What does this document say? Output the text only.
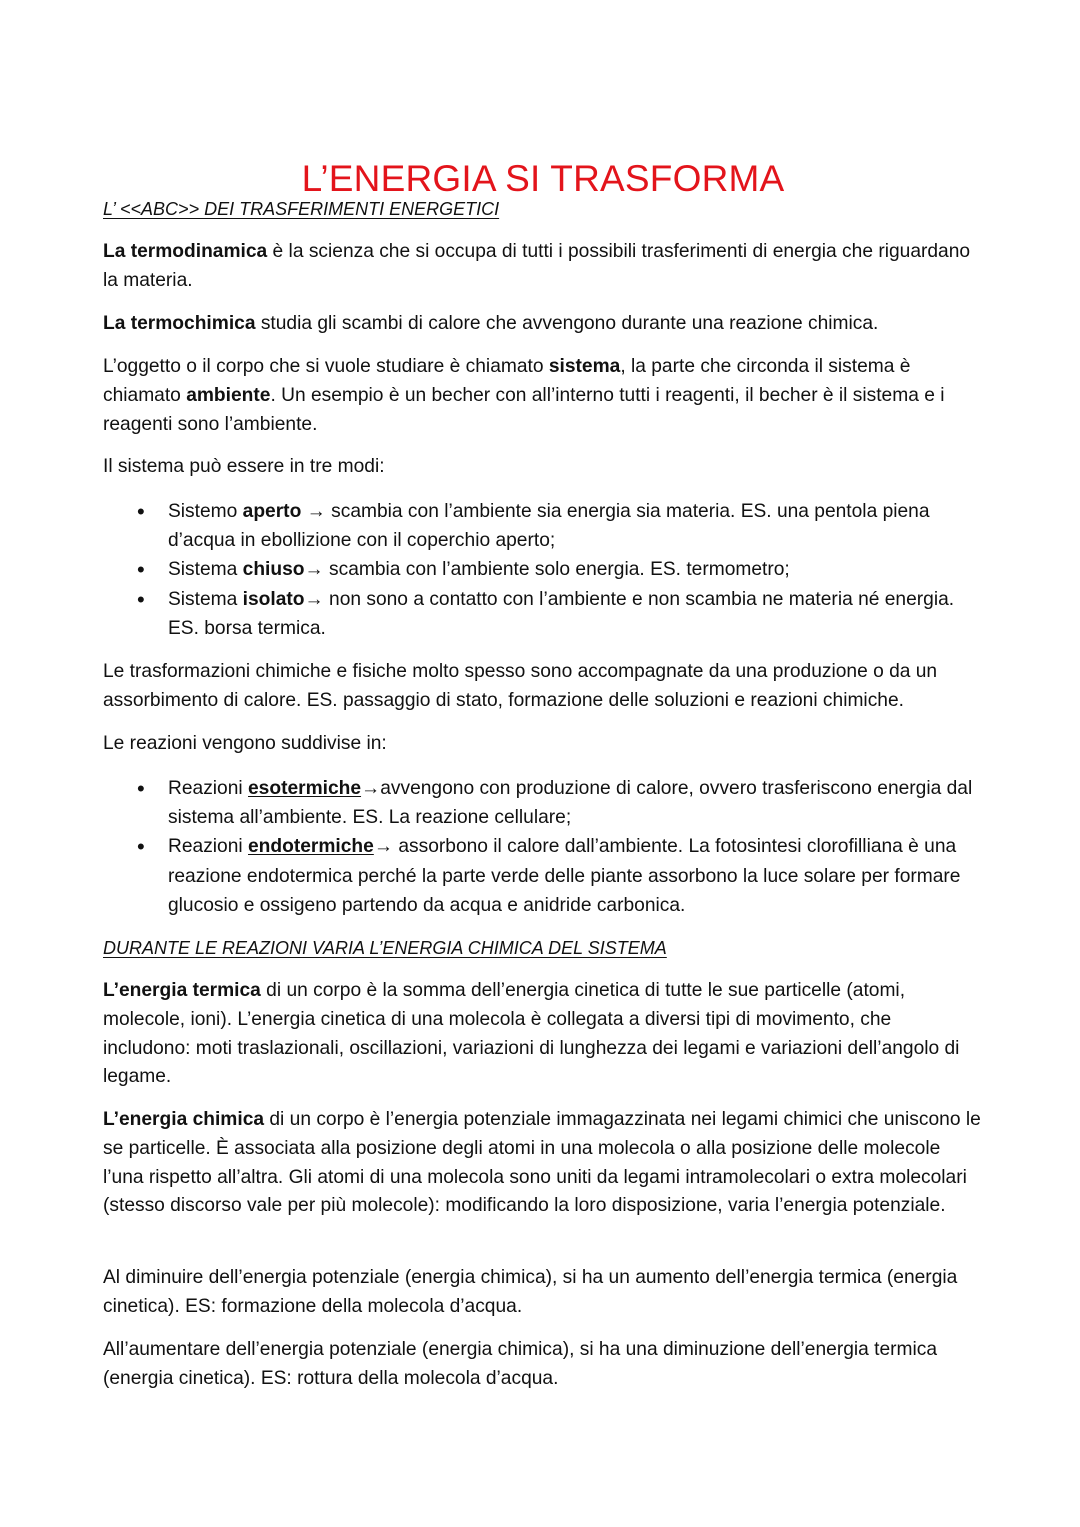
L’ENERGIA SI TRASFORMA
L’ <<ABC>> DEI TRASFERIMENTI ENERGETICI

La termodinamica è la scienza che si occupa di tutti i possibili trasferimenti di energia che riguardano la materia.

La termochimica studia gli scambi di calore che avvengono durante una reazione chimica.

L’oggetto o il corpo che si vuole studiare è chiamato sistema, la parte che circonda il sistema è chiamato ambiente. Un esempio è un becher con all’interno tutti i reagenti, il becher è il sistema e i reagenti sono l’ambiente.

Il sistema può essere in tre modi:

• Sistemo aperto → scambia con l’ambiente sia energia sia materia. ES. una pentola piena d’acqua in ebollizione con il coperchio aperto;
• Sistema chiuso→ scambia con l’ambiente solo energia. ES. termometro;
• Sistema isolato→ non sono a contatto con l’ambiente e non scambia ne materia né energia. ES. borsa termica.

Le trasformazioni chimiche e fisiche molto spesso sono accompagnate da una produzione o da un assorbimento di calore. ES. passaggio di stato, formazione delle soluzioni e reazioni chimiche.

Le reazioni vengono suddivise in:

• Reazioni esotermiche→avvengono con produzione di calore, ovvero trasferiscono energia dal sistema all’ambiente. ES. La reazione cellulare;
• Reazioni endotermiche→ assorbono il calore dall’ambiente. La fotosintesi clorofilliana è una reazione endotermica perché la parte verde delle piante assorbono la luce solare per formare glucosio e ossigeno partendo da acqua e anidride carbonica.
DURANTE LE REAZIONI VARIA L’ENERGIA CHIMICA DEL SISTEMA

L’energia termica di un corpo è la somma dell’energia cinetica di tutte le sue particelle (atomi, molecole, ioni). L’energia cinetica di una molecola è collegata a diversi tipi di movimento, che includono: moti traslazionali, oscillazioni, variazioni di lunghezza dei legami e variazioni dell’angolo di legame.

L’energia chimica di un corpo è l’energia potenziale immagazzinata nei legami chimici che uniscono le se particelle. È associata alla posizione degli atomi in una molecola o alla posizione delle molecole l’una rispetto all’altra. Gli atomi di una molecola sono uniti da legami intramolecolari o extra molecolari (stesso discorso vale per più molecole): modificando la loro disposizione, varia l’energia potenziale.

Al diminuire dell’energia potenziale (energia chimica), si ha un aumento dell’energia termica (energia cinetica). ES: formazione della molecola d’acqua.

All’aumentare dell’energia potenziale (energia chimica), si ha una diminuzione dell’energia termica (energia cinetica). ES: rottura della molecola d’acqua.
